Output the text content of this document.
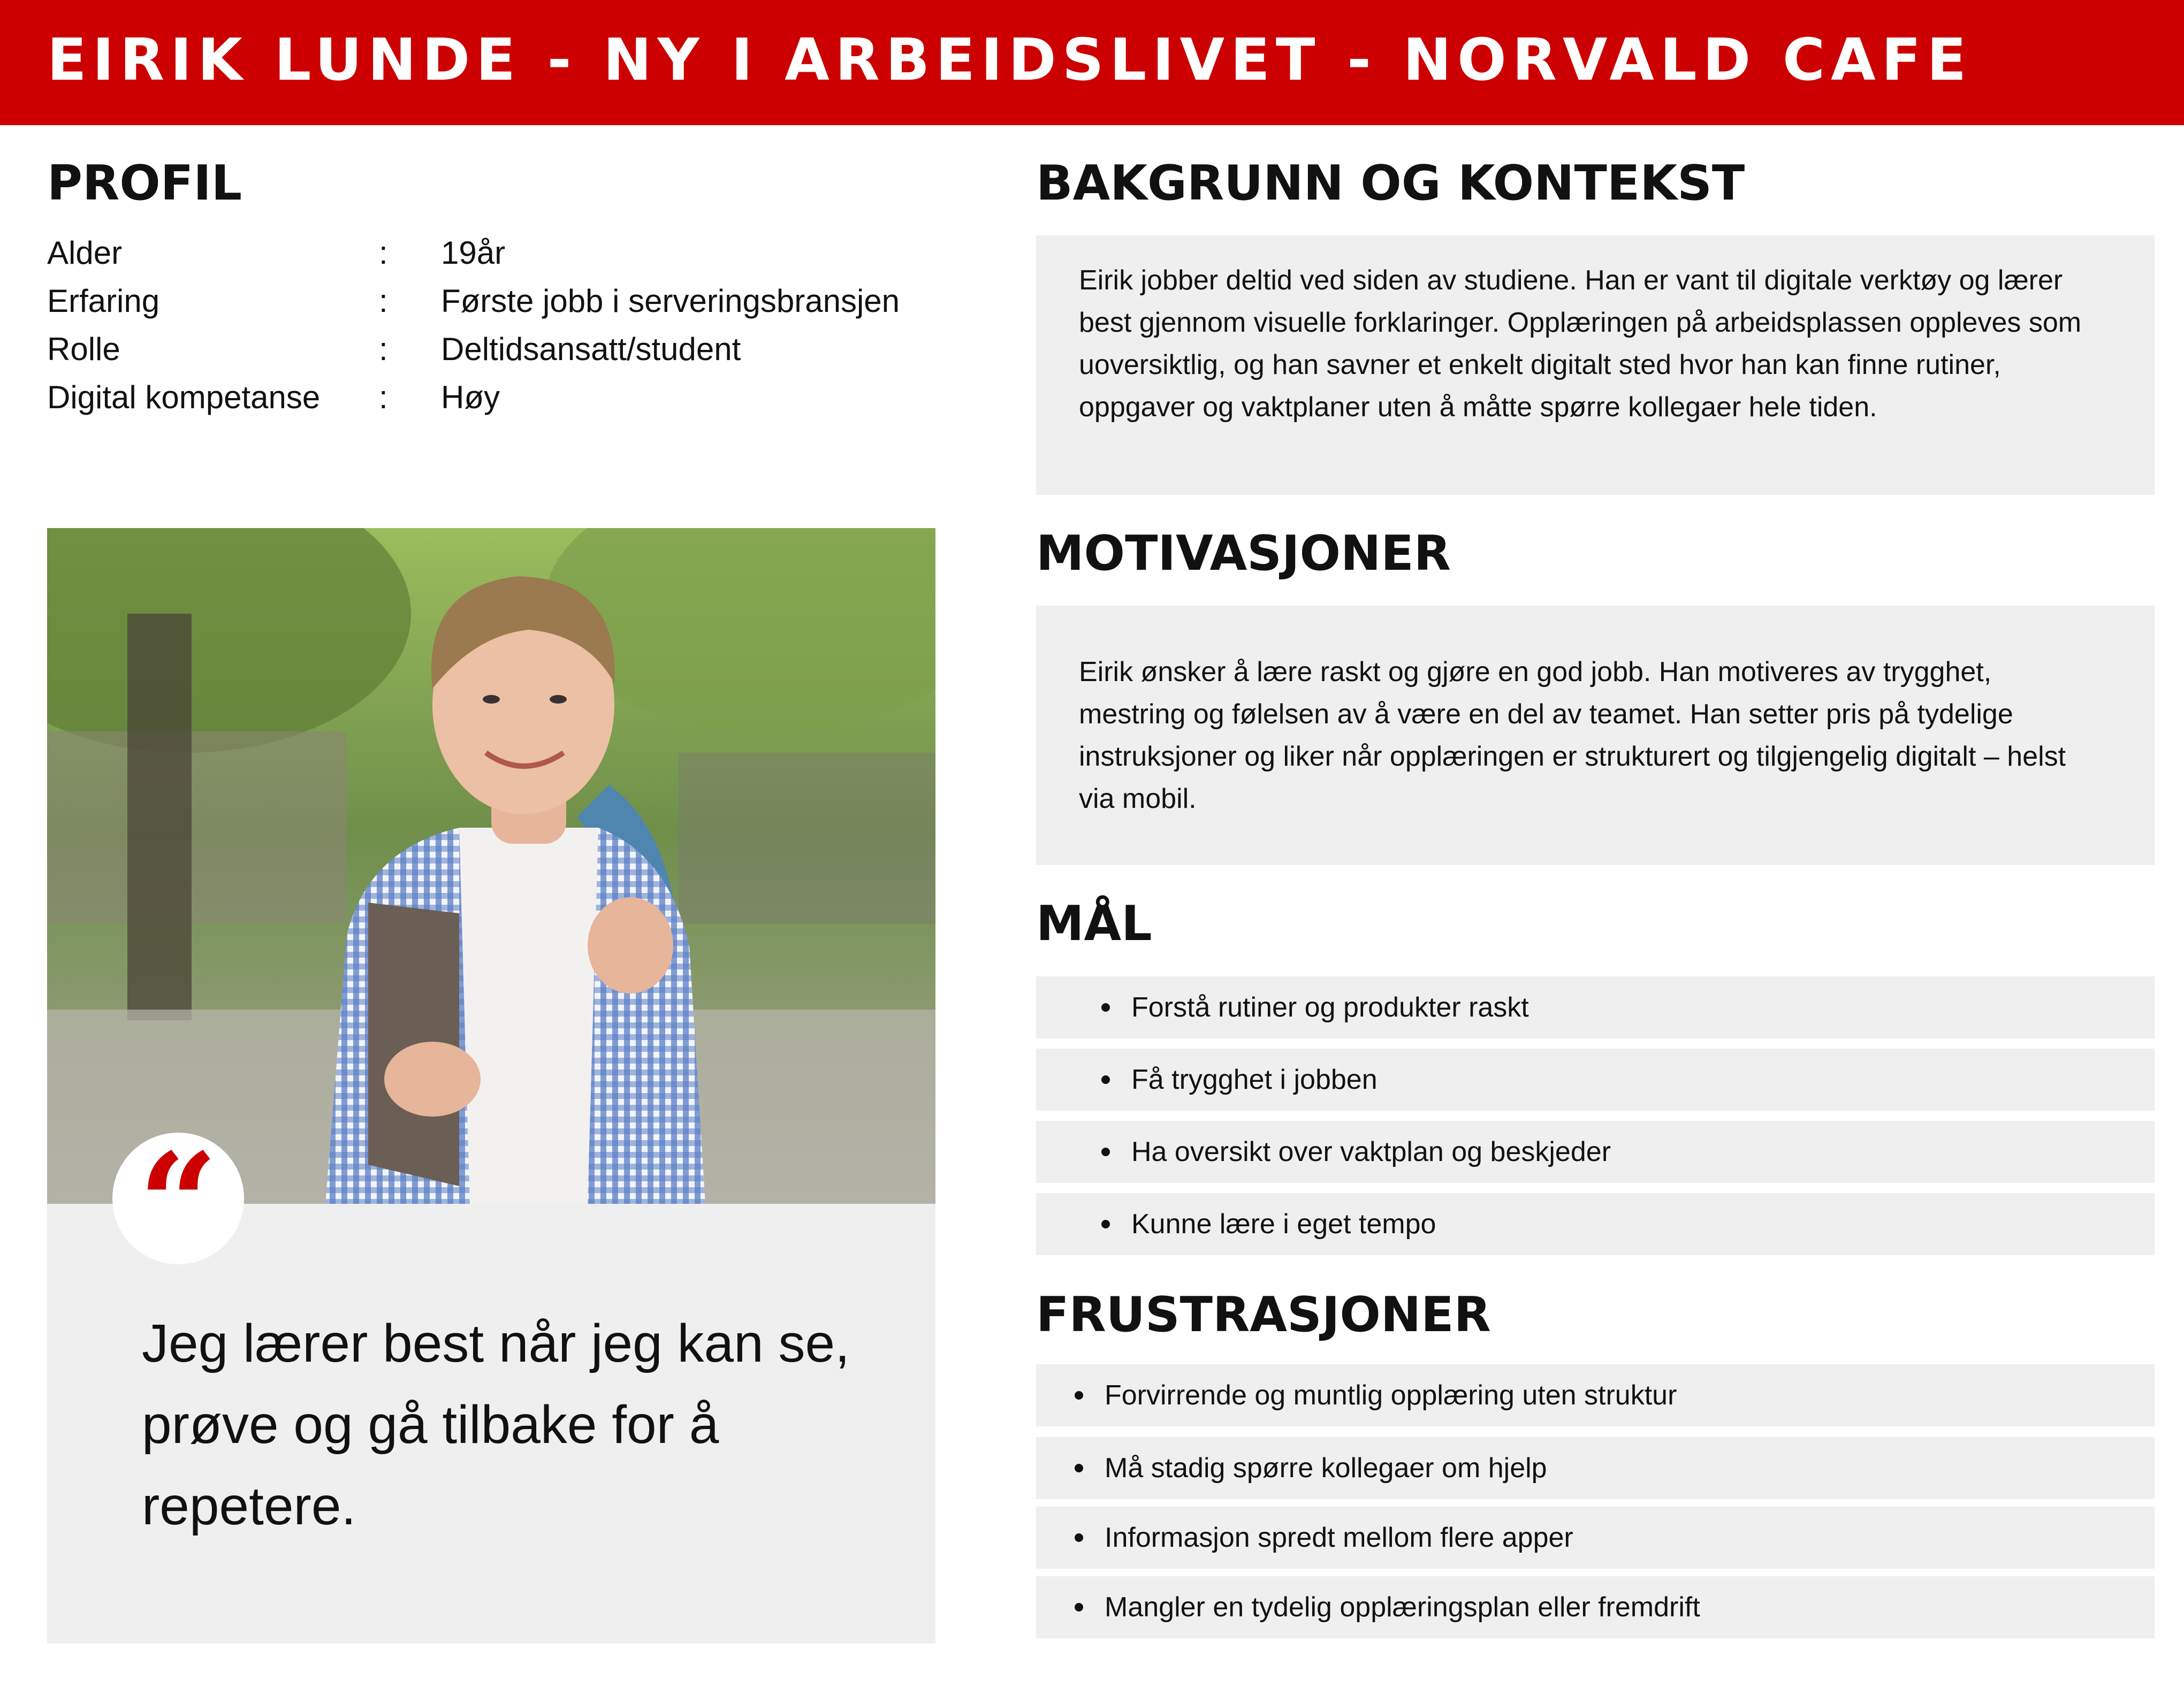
EIRIK LUNDE - NY I ARBEIDSLIVET - NORVALD CAFE
PROFIL
Alder	: 19år
Erfaring	: Første jobb i serveringsbransjen
Rolle	: Deltidsansatt/student
Digital kompetanse : Høy
“
Jeg lærer best når jeg kan se, prøve og gå tilbake for å repetere.
BAKGRUNN OG KONTEKST
Eirik jobber deltid ved siden av studiene. Han er vant til digitale verktøy og lærer best gjennom visuelle forklaringer. Opplæringen på arbeidsplassen oppleves som uoversiktlig, og han savner et enkelt digitalt sted hvor han kan finne rutiner, oppgaver og vaktplaner uten å måtte spørre kollegaer hele tiden.
MOTIVASJONER
Eirik ønsker å lære raskt og gjøre en god jobb. Han motiveres av trygghet, mestring og følelsen av å være en del av teamet. Han setter pris på tydelige instruksjoner og liker når opplæringen er strukturert og tilgjengelig digitalt – helst via mobil.
MÅL
Forstå rutiner og produkter raskt
Få trygghet i jobben
Ha oversikt over vaktplan og beskjeder
Kunne lære i eget tempo
FRUSTRASJONER
Forvirrende og muntlig opplæring uten struktur
Må stadig spørre kollegaer om hjelp
Informasjon spredt mellom flere apper
Mangler en tydelig opplæringsplan eller fremdrift
